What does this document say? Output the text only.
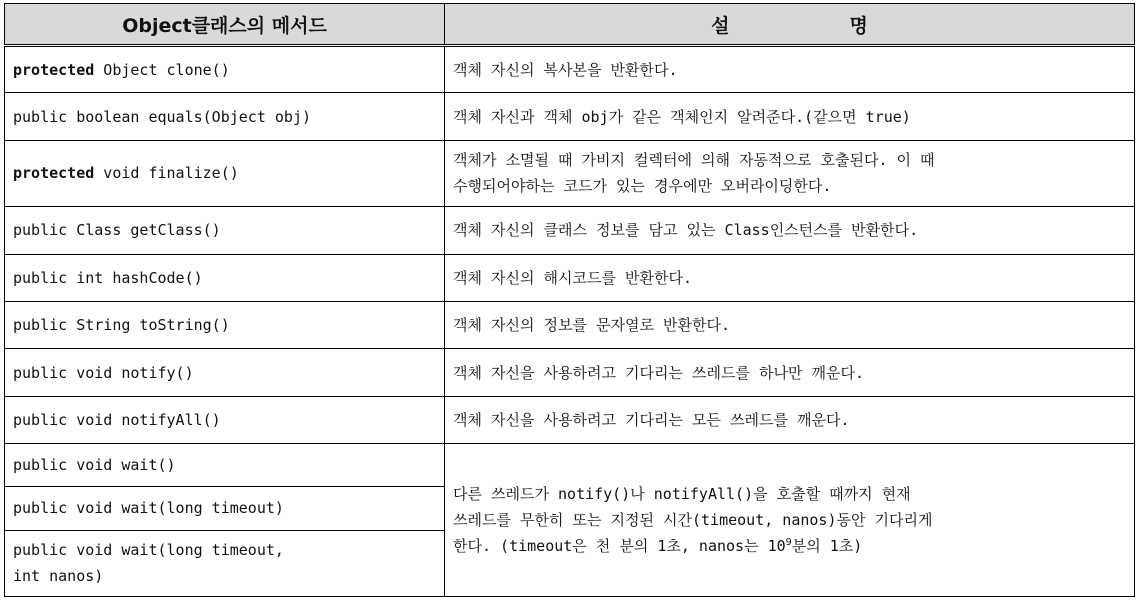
Object클래스의 메서드	설 명
protected Object clone()	객체 자신의 복사본을 반환한다.
public boolean equals(Object obj)	객체 자신과 객체 obj가 같은 객체인지 알려준다.(같으면 true)
protected void finalize()	객체가 소멸될 때 가비지 컬렉터에 의해 자동적으로 호출된다. 이 때
수행되어야하는 코드가 있는 경우에만 오버라이딩한다.

public Class getClass()	객체 자신의 클래스 정보를 담고 있는 Class인스턴스를 반환한다.
public int hashCode()	객체 자신의 해시코드를 반환한다.
public String toString()	객체 자신의 정보를 문자열로 반환한다.
public void notify()	객체 자신을 사용하려고 기다리는 쓰레드를 하나만 깨운다.
public void notifyAll()	객체 자신을 사용하려고 기다리는 모든 쓰레드를 깨운다.
public void wait()	다른 쓰레드가 notify()나 notifyAll()을 호출할 때까지 현재
쓰레드를 무한히 또는 지정된 시간(timeout, nanos)동안 기다리게
한다. (timeout은 천 분의 1초, nanos는 $10^9$분의 1초)

public void wait(long timeout)	

public void wait(long timeout,
int nanos)	
